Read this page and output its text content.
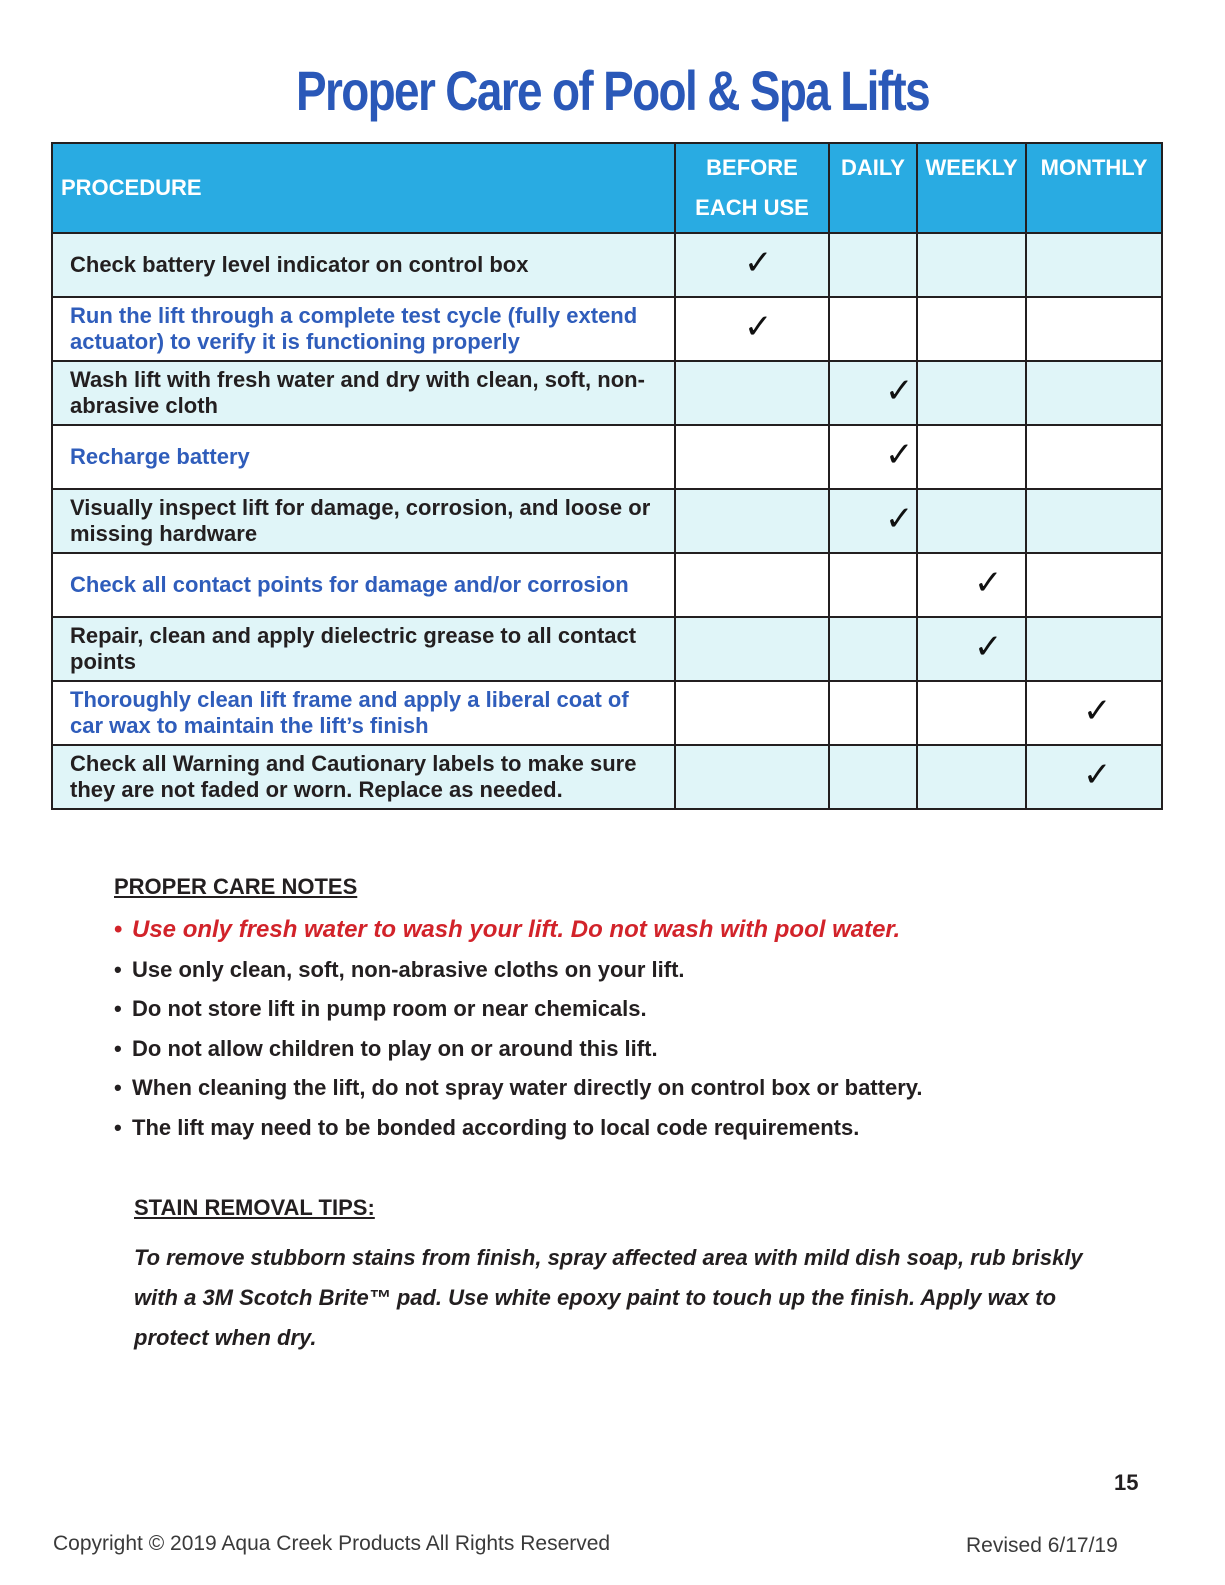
Proper Care of Pool & Spa Lifts
PROCEDURE	BEFORE EACH USE	DAILY	WEEKLY	MONTHLY
Check battery level indicator on control box	✓			

Run the lift through a complete test cycle (fully extend actuator) to verify it is functioning properly	✓			

Wash lift with fresh water and dry with clean, soft, non-abrasive cloth		✓		

Recharge battery		✓		

Visually inspect lift for damage, corrosion, and loose or missing hardware		✓		

Check all contact points for damage and/or corrosion			✓	

Repair, clean and apply dielectric grease to all contact points			✓	

Thoroughly clean lift frame and apply a liberal coat of car wax to maintain the lift’s finish				✓

Check all Warning and Cautionary labels to make sure they are not faded or worn. Replace as needed.				✓
PROPER CARE NOTES
• Use only fresh water to wash your lift. Do not wash with pool water.
• Use only clean, soft, non-abrasive cloths on your lift.
• Do not store lift in pump room or near chemicals.
• Do not allow children to play on or around this lift.
• When cleaning the lift, do not spray water directly on control box or battery.
• The lift may need to be bonded according to local code requirements.
STAIN REMOVAL TIPS:
To remove stubborn stains from finish, spray affected area with mild dish soap, rub briskly with a 3M Scotch Brite™ pad. Use white epoxy paint to touch up the finish. Apply wax to protect when dry.
15
Copyright © 2019 Aqua Creek Products All Rights Reserved	Revised 6/17/19
